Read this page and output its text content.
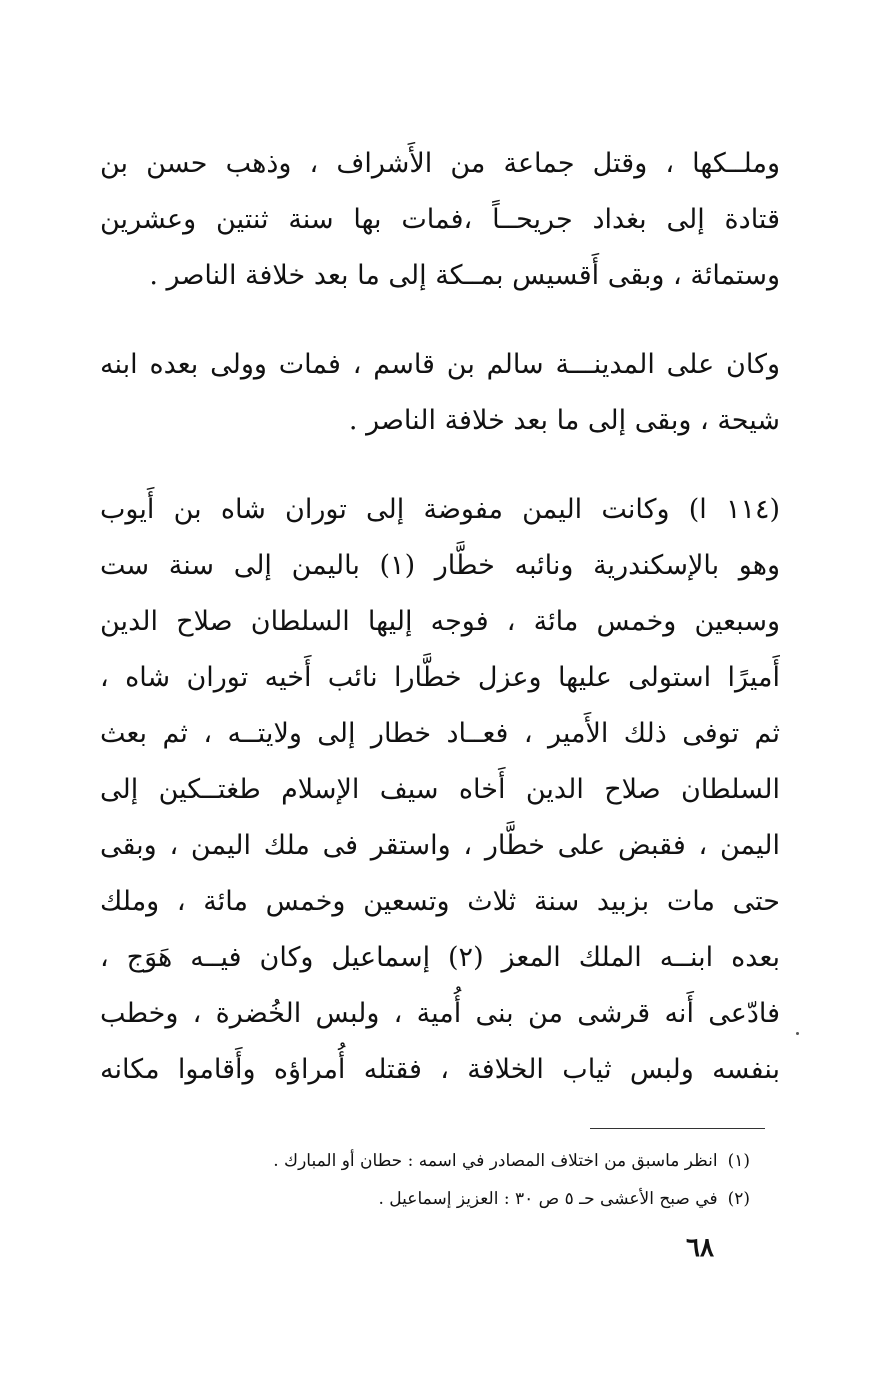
وملــكها ، وقتل جماعة من الأَشراف ، وذهب حسن بن
قتادة إلى بغداد جريحــاً ،فمات بها سنة ثنتين وعشرين
وستمائة ، وبقى أَقسيس بمــكة إلى ما بعد خلافة الناصر .
وكان على المدينـــة سالم بن قاسم ، فمات وولى بعده ابنه
شيحة ، وبقى إلى ما بعد خلافة الناصر .
(١١٤ ا) وكانت اليمن مفوضة إلى توران شاه بن أَيوب
وهو بالإسكندرية ونائبه خطَّار (١) باليمن إلى سنة ست
وسبعين وخمس مائة ، فوجه إليها السلطان صلاح الدين
أَميرًا استولى عليها وعزل خطَّارا نائب أَخيه توران شاه ،
ثم توفى ذلك الأَمير ، فعــاد خطار إلى ولايتــه ، ثم بعث
السلطان صلاح الدين أَخاه سيف الإسلام طغتــكين إلى
اليمن ، فقبض على خطَّار ، واستقر فى ملك اليمن ، وبقى
حتى مات بزبيد سنة ثلاث وتسعين وخمس مائة ، وملك
بعده ابنــه الملك المعز (٢) إسماعيل وكان فيــه هَوَج ،
فادّعى أَنه قرشى من بنى أُمية ، ولبس الخُضرة ، وخطب
بنفسه ولبس ثياب الخلافة ، فقتله أُمراؤه وأَقاموا مكانه
(١)انظر ماسبق من اختلاف المصادر في اسمه : حطان أو المبارك .
(٢)في صبح الأعشى حـ ٥ ص ٣٠ : العزيز إسماعيل .
٦٨
